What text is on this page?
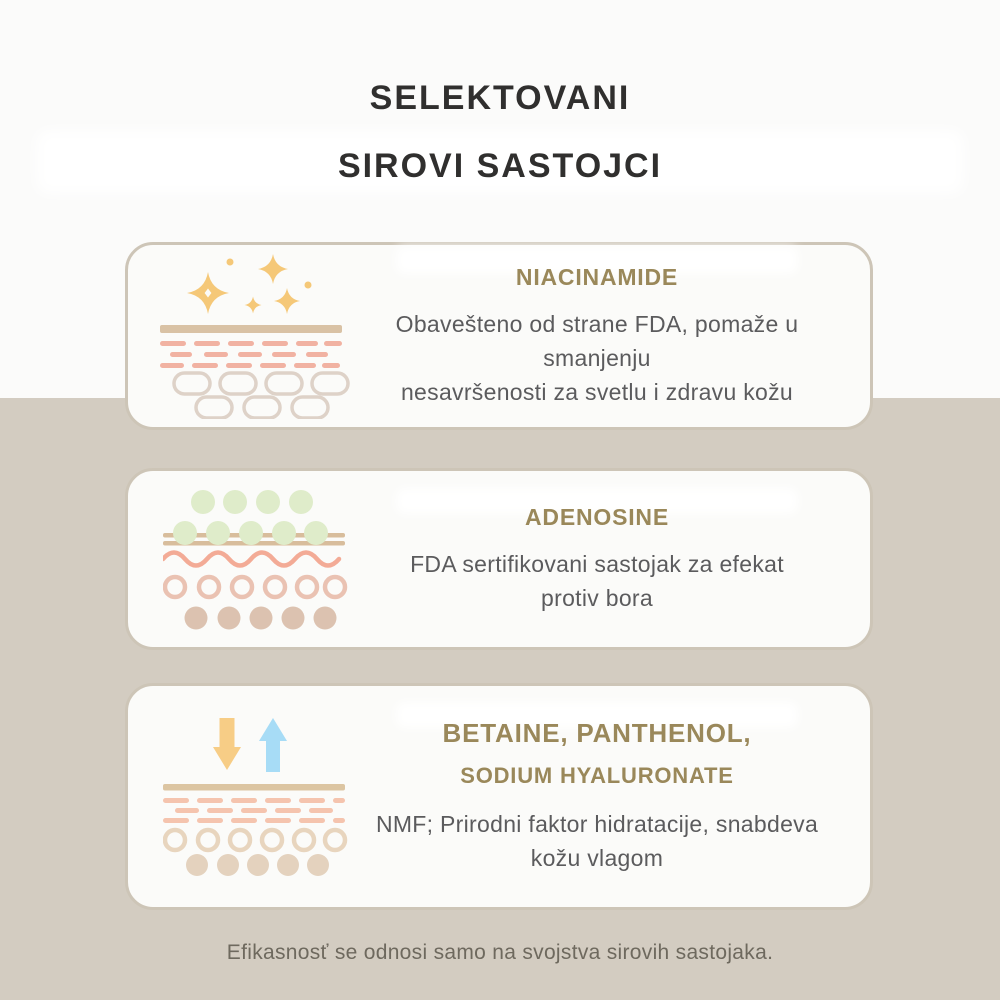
SELEKTOVANI
SIROVI SASTOJCI
NIACINAMIDE
Obavešteno od strane FDA, pomaže u smanjenju
nesavršenosti za svetlu i zdravu kožu
ADENOSINE
FDA sertifikovani sastojak za efekat
protiv bora
BETAINE, PANTHENOL,
SODIUM HYALURONATE
NMF; Prirodni faktor hidratacije, snabdeva
kožu vlagom
Efikasnosť se odnosi samo na svojstva sirovih sastojaka.
